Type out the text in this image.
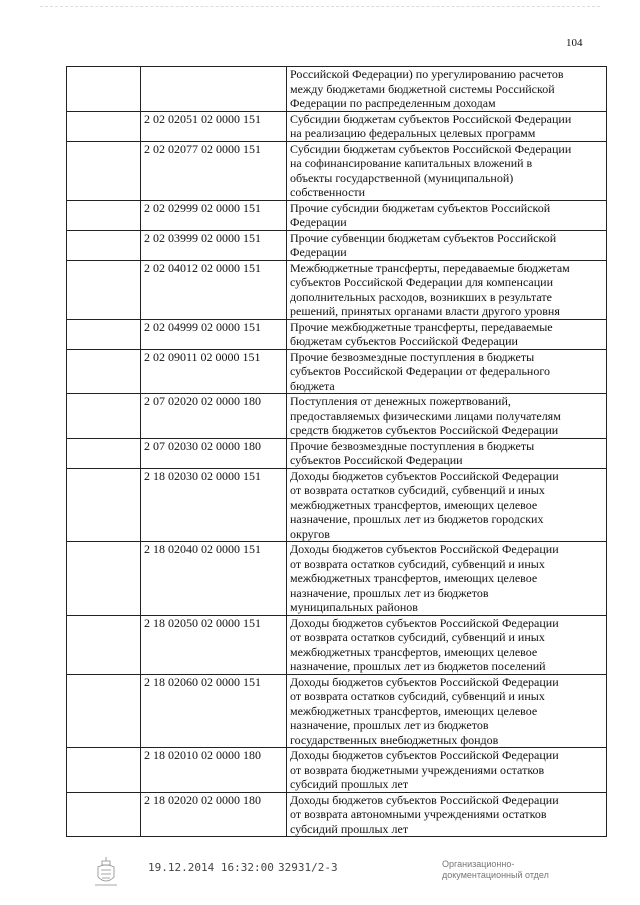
104
		Российской Федерации) по урегулированию расчетов
между бюджетами бюджетной системы Российской
Федерации по распределенным доходам
	2 02 02051 02 0000 151	Субсидии бюджетам субъектов Российской Федерации
на реализацию федеральных целевых программ
	2 02 02077 02 0000 151	Субсидии бюджетам субъектов Российской Федерации
на софинансирование капитальных вложений в
объекты государственной (муниципальной)
собственности
	2 02 02999 02 0000 151	Прочие субсидии бюджетам субъектов Российской
Федерации
	2 02 03999 02 0000 151	Прочие субвенции бюджетам субъектов Российской
Федерации
	2 02 04012 02 0000 151	Межбюджетные трансферты, передаваемые бюджетам
субъектов Российской Федерации для компенсации
дополнительных расходов, возникших в результате
решений, принятых органами власти другого уровня
	2 02 04999 02 0000 151	Прочие межбюджетные трансферты, передаваемые
бюджетам субъектов Российской Федерации
	2 02 09011 02 0000 151	Прочие безвозмездные поступления в бюджеты
субъектов Российской Федерации от федерального
бюджета
	2 07 02020 02 0000 180	Поступления от денежных пожертвований,
предоставляемых физическими лицами получателям
средств бюджетов субъектов Российской Федерации
	2 07 02030 02 0000 180	Прочие безвозмездные поступления в бюджеты
субъектов Российской Федерации
	2 18 02030 02 0000 151	Доходы бюджетов субъектов Российской Федерации
от возврата остатков субсидий, субвенций и иных
межбюджетных трансфертов, имеющих целевое
назначение, прошлых лет из бюджетов городских
округов
	2 18 02040 02 0000 151	Доходы бюджетов субъектов Российской Федерации
от возврата остатков субсидий, субвенций и иных
межбюджетных трансфертов, имеющих целевое
назначение, прошлых лет из бюджетов
муниципальных районов
	2 18 02050 02 0000 151	Доходы бюджетов субъектов Российской Федерации
от возврата остатков субсидий, субвенций и иных
межбюджетных трансфертов, имеющих целевое
назначение, прошлых лет из бюджетов поселений
	2 18 02060 02 0000 151	Доходы бюджетов субъектов Российской Федерации
от возврата остатков субсидий, субвенций и иных
межбюджетных трансфертов, имеющих целевое
назначение, прошлых лет из бюджетов
государственных внебюджетных фондов
	2 18 02010 02 0000 180	Доходы бюджетов субъектов Российской Федерации
от возврата бюджетными учреждениями остатков
субсидий прошлых лет
	2 18 02020 02 0000 180	Доходы бюджетов субъектов Российской Федерации
от возврата автономными учреждениями остатков
субсидий прошлых лет
19.12.2014 16:32:00 32931/2-3	Организационно-
документационный отдел
